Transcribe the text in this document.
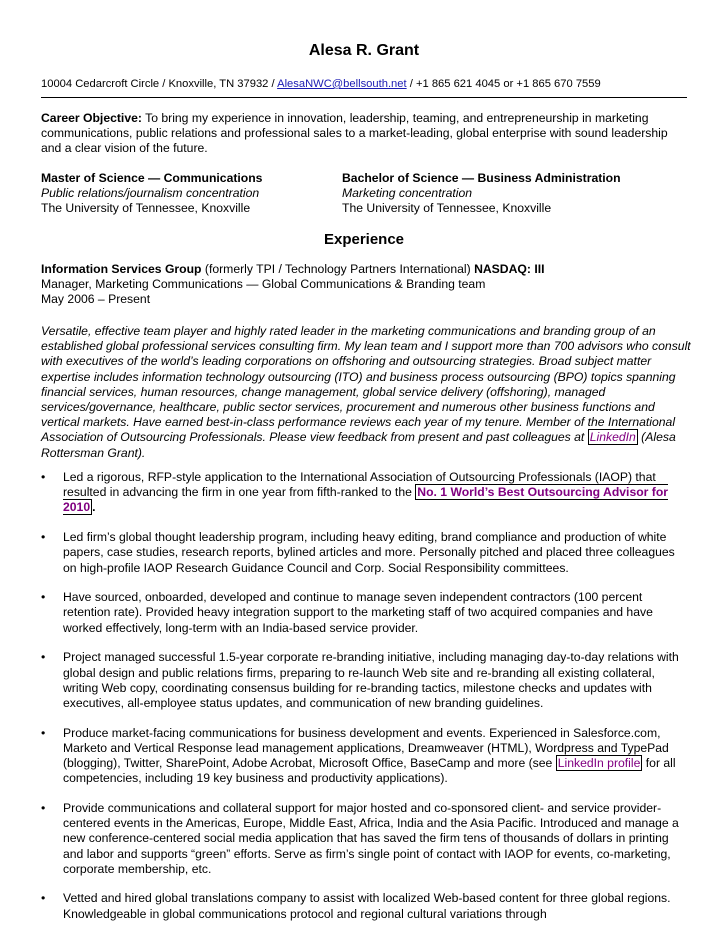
Alesa R. Grant
10004 Cedarcroft Circle / Knoxville, TN 37932 / AlesaNWC@bellsouth.net / +1 865 621 4045 or +1 865 670 7559
Career Objective: To bring my experience in innovation, leadership, teaming, and entrepreneurship in marketing communications, public relations and professional sales to a market-leading, global enterprise with sound leadership and a clear vision of the future.
Master of Science — Communications
Public relations/journalism concentration
The University of Tennessee, Knoxville
Bachelor of Science — Business Administration
Marketing concentration
The University of Tennessee, Knoxville
Experience
Information Services Group (formerly TPI / Technology Partners International) NASDAQ: III
Manager, Marketing Communications — Global Communications & Branding team
May 2006 – Present
Versatile, effective team player and highly rated leader in the marketing communications and branding group of an established global professional services consulting firm. My lean team and I support more than 700 advisors who consult with executives of the world’s leading corporations on offshoring and outsourcing strategies. Broad subject matter expertise includes information technology outsourcing (ITO) and business process outsourcing (BPO) topics spanning financial services, human resources, change management, global service delivery (offshoring), managed services/governance, healthcare, public sector services, procurement and numerous other business functions and vertical markets. Have earned best-in-class performance reviews each year of my tenure. Member of the International Association of Outsourcing Professionals. Please view feedback from present and past colleagues at LinkedIn (Alesa Rottersman Grant).
• Led a rigorous, RFP-style application to the International Association of Outsourcing Professionals (IAOP) that resulted in advancing the firm in one year from fifth-ranked to the No. 1 World’s Best Outsourcing Advisor for 2010 .
• Led firm’s global thought leadership program, including heavy editing, brand compliance and production of white papers, case studies, research reports, bylined articles and more. Personally pitched and placed three colleagues on high-profile IAOP Research Guidance Council and Corp. Social Responsibility committees.
• Have sourced, onboarded, developed and continue to manage seven independent contractors (100 percent retention rate). Provided heavy integration support to the marketing staff of two acquired companies and have worked effectively, long-term with an India-based service provider.
• Project managed successful 1.5-year corporate re-branding initiative, including managing day-to-day relations with global design and public relations firms, preparing to re-launch Web site and re-branding all existing collateral, writing Web copy, coordinating consensus building for re-branding tactics, milestone checks and updates with executives, all-employee status updates, and communication of new branding guidelines.
• Produce market-facing communications for business development and events. Experienced in Salesforce.com, Marketo and Vertical Response lead management applications, Dreamweaver (HTML), Wordpress and TypePad (blogging), Twitter, SharePoint, Adobe Acrobat, Microsoft Office, BaseCamp and more (see LinkedIn profile for all competencies, including 19 key business and productivity applications).
• Provide communications and collateral support for major hosted and co-sponsored client- and service provider-centered events in the Americas, Europe, Middle East, Africa, India and the Asia Pacific. Introduced and manage a new conference-centered social media application that has saved the firm tens of thousands of dollars in printing and labor and supports “green” efforts. Serve as firm’s single point of contact with IAOP for events, co-marketing, corporate membership, etc.
• Vetted and hired global translations company to assist with localized Web-based content for three global regions. Knowledgeable in global communications protocol and regional cultural variations through
